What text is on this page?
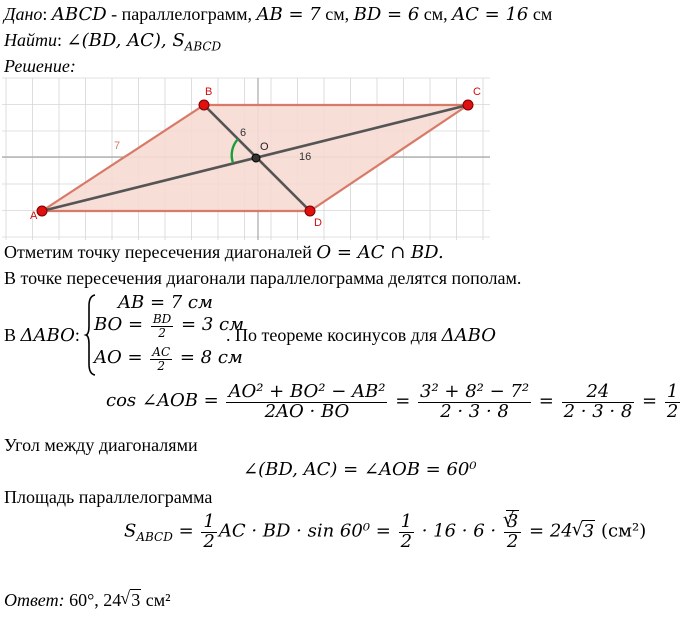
Дано: ABCD - параллелограмм, AB = 7 см, BD = 6 см, AC = 16 см
Найти: ∠(BD, AC), $S_{ABCD}$
Решение:
A
B	C
D
O
7
6
16
Отметим точку пересечения диагоналей O = AC ∩ BD.
В точке пересечения диагонали параллелограмма делятся пополам.
В ΔABO:
AB = 7 см
BO = $\frac{BD}{2} = 3$ см
AO = $\frac{AC}{2} = 8$ см
. По теореме косинусов для ΔABO
cos ∠AOB = $\frac{\text{AO² + BO² − AB²}}{2AO \cdot BO} = \frac{\text{3² + 8² − 7²}}{2 \cdot 3 \cdot 8} = \frac{24}{2 \cdot 3 \cdot 8} = \frac{1}{2}$
Угол между диагоналями
∠(BD, AC) = ∠AOB = 60⁰
Площадь параллелограмма
$S_{ABCD} = \frac{1}{2}$ AC · BD · $\sin 60^0 = \frac{1}{2} \cdot 16 \cdot 6$ ·
√ $\frac{3}{2} = 24√$ 3 (см²)
Ответ: 60°, 24√ 3 см²
